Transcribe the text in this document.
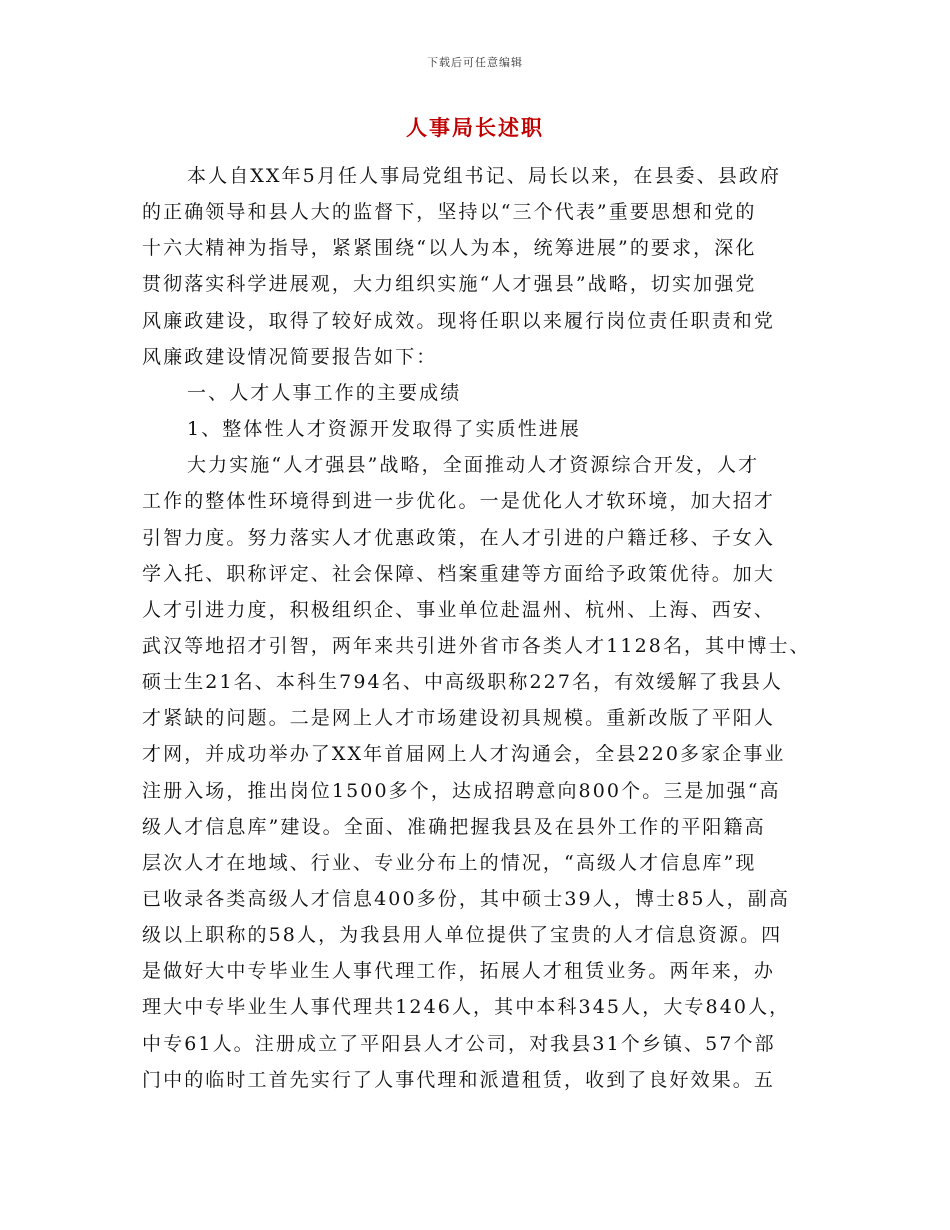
下载后可任意编辑
人事局长述职
本人自XX年5月任人事局党组书记、局长以来，在县委、县政府
的正确领导和县人大的监督下，坚持以“三个代表”重要思想和党的
十六大精神为指导，紧紧围绕“以人为本，统筹进展”的要求，深化
贯彻落实科学进展观，大力组织实施“人才强县”战略，切实加强党
风廉政建设，取得了较好成效。现将任职以来履行岗位责任职责和党
风廉政建设情况简要报告如下：
一、人才人事工作的主要成绩
1、整体性人才资源开发取得了实质性进展
大力实施“人才强县”战略，全面推动人才资源综合开发，人才
工作的整体性环境得到进一步优化。一是优化人才软环境，加大招才
引智力度。努力落实人才优惠政策，在人才引进的户籍迁移、子女入
学入托、职称评定、社会保障、档案重建等方面给予政策优待。加大
人才引进力度，积极组织企、事业单位赴温州、杭州、上海、西安、
武汉等地招才引智，两年来共引进外省市各类人才1128名，其中博士、
硕士生21名、本科生794名、中高级职称227名，有效缓解了我县人
才紧缺的问题。二是网上人才市场建设初具规模。重新改版了平阳人
才网，并成功举办了XX年首届网上人才沟通会，全县220多家企事业
注册入场，推出岗位1500多个，达成招聘意向800个。三是加强“高
级人才信息库”建设。全面、准确把握我县及在县外工作的平阳籍高
层次人才在地域、行业、专业分布上的情况，“高级人才信息库”现
已收录各类高级人才信息400多份，其中硕士39人，博士85人，副高
级以上职称的58人，为我县用人单位提供了宝贵的人才信息资源。四
是做好大中专毕业生人事代理工作，拓展人才租赁业务。两年来，办
理大中专毕业生人事代理共1246人，其中本科345人，大专840人，
中专61人。注册成立了平阳县人才公司，对我县31个乡镇、57个部
门中的临时工首先实行了人事代理和派遣租赁，收到了良好效果。五
